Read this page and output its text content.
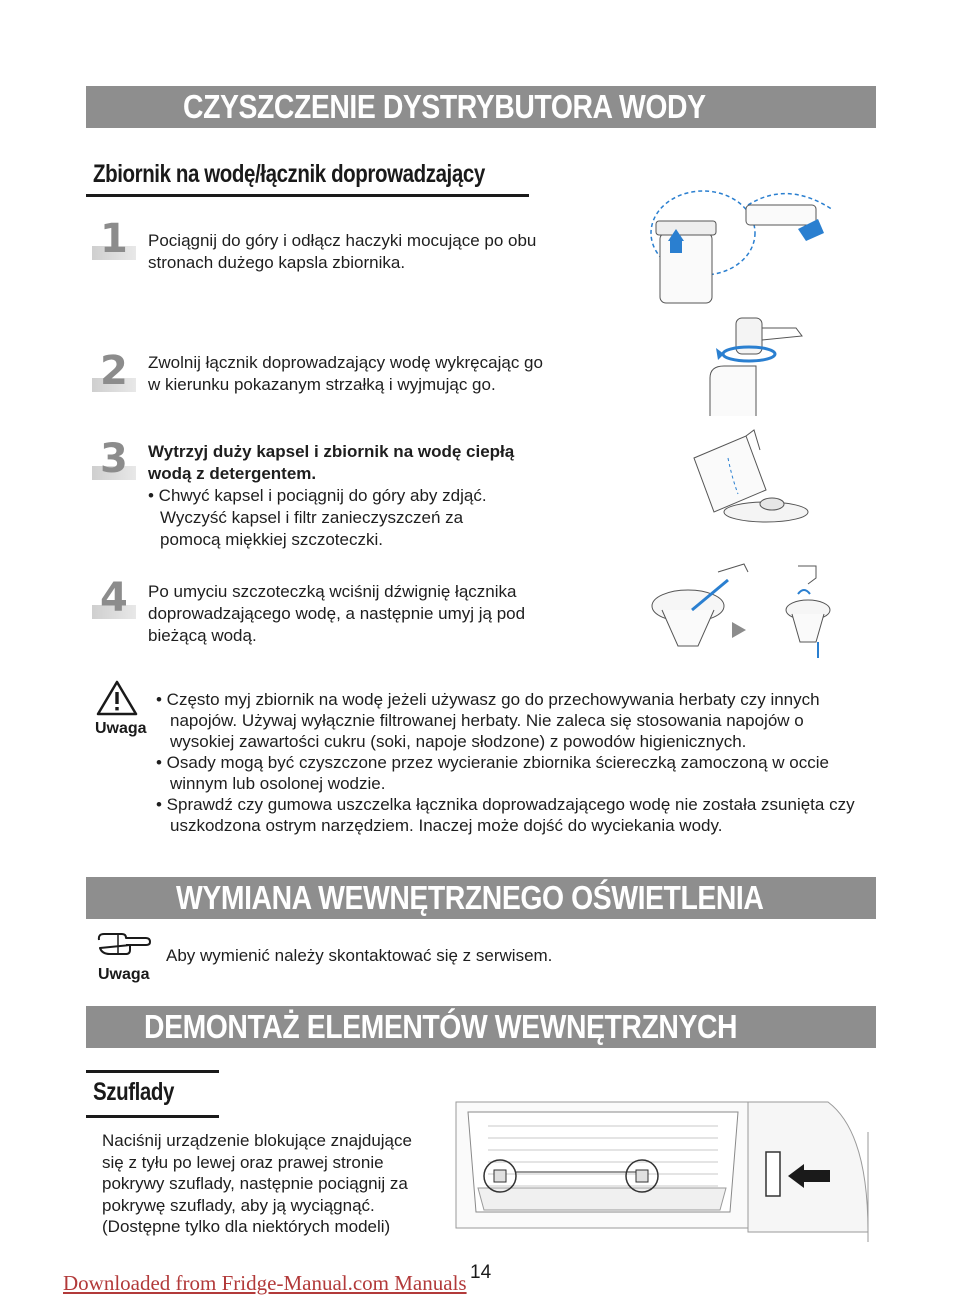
CZYSZCZENIE DYSTRYBUTORA WODY
Zbiornik na wodę/łącznik doprowadzający
1 Pociągnij do góry i odłącz haczyki mocujące po obu
stronach dużego kapsla zbiornika.
2 Zwolnij łącznik doprowadzający wodę wykręcając go
w kierunku pokazanym strzałką i wyjmując go.
3 Wytrzyj duży kapsel i zbiornik na wodę ciepłą
wodą z detergentem.
• Chwyć kapsel i pociągnij do góry aby zdjąć.
Wyczyść kapsel i filtr zanieczyszczeń za
pomocą miękkiej szczoteczki.
4 Po umyciu szczoteczką wciśnij dźwignię łącznika
doprowadzającego wodę, a następnie umyj ją pod
bieżącą wodą.
Uwaga
• Często myj zbiornik na wodę jeżeli używasz go do przechowywania herbaty czy innych napojów. Używaj wyłącznie filtrowanej herbaty. Nie zaleca się stosowania napojów o wysokiej zawartości cukru (soki, napoje słodzone) z powodów higienicznych.
• Osady mogą być czyszczone przez wycieranie zbiornika ściereczką zamoczoną w occie winnym lub osolonej wodzie.
• Sprawdź czy gumowa uszczelka łącznika doprowadzającego wodę nie została zsunięta czy uszkodzona ostrym narzędziem. Inaczej może dojść do wyciekania wody.
WYMIANA WEWNĘTRZNEGO OŚWIETLENIA
Uwaga
Aby wymienić należy skontaktować się z serwisem.
DEMONTAŻ ELEMENTÓW WEWNĘTRZNYCH
Szuflady
Naciśnij urządzenie blokujące znajdujące
się z tyłu po lewej oraz prawej stronie
pokrywy szuflady, następnie pociągnij za
pokrywę szuflady, aby ją wyciągnąć.
(Dostępne tylko dla niektórych modeli)
14
Downloaded from Fridge-Manual.com Manuals
